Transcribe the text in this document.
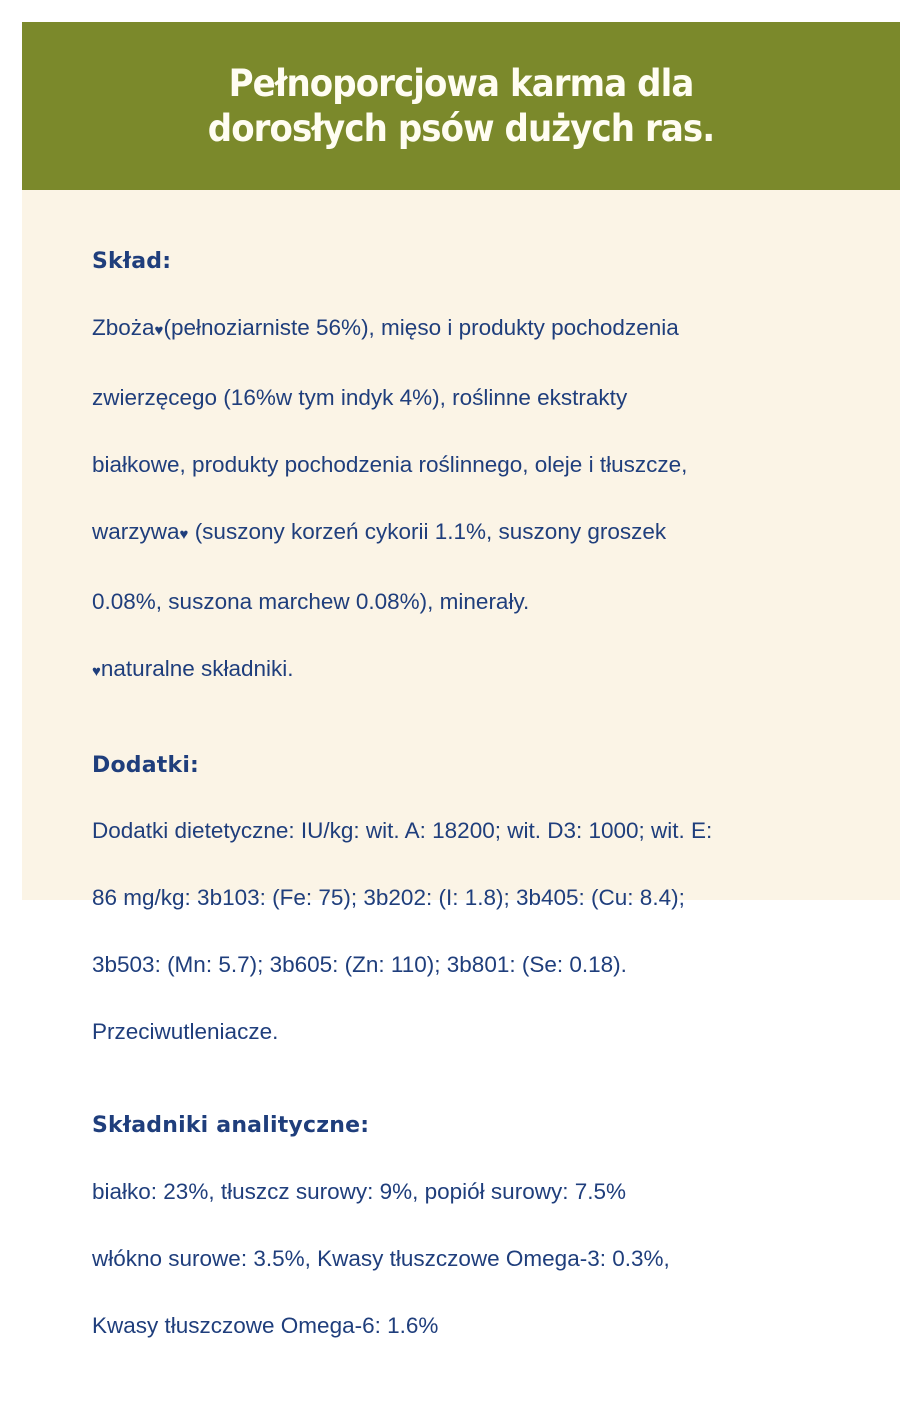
Pełnoporcjowa karma dla
dorosłych psów dużych ras.
Skład:

Zboża♥(pełnoziarniste 56%), mięso i produkty pochodzenia

zwierzęcego (16%w tym indyk 4%), roślinne ekstrakty

białkowe, produkty pochodzenia roślinnego, oleje i tłuszcze,

warzywa♥ (suszony korzeń cykorii 1.1%, suszony groszek

0.08%, suszona marchew 0.08%), minerały.

♥naturalne składniki.

Dodatki:

Dodatki dietetyczne: IU/kg: wit. A: 18200; wit. D3: 1000; wit. E:

86 mg/kg: 3b103: (Fe: 75); 3b202: (I: 1.8); 3b405: (Cu: 8.4);

3b503: (Mn: 5.7); 3b605: (Zn: 110); 3b801: (Se: 0.18).

Przeciwutleniacze.

Składniki analityczne:

białko: 23%, tłuszcz surowy: 9%, popiół surowy: 7.5%

włókno surowe: 3.5%, Kwasy tłuszczowe Omega-3: 0.3%,

Kwasy tłuszczowe Omega-6: 1.6%
